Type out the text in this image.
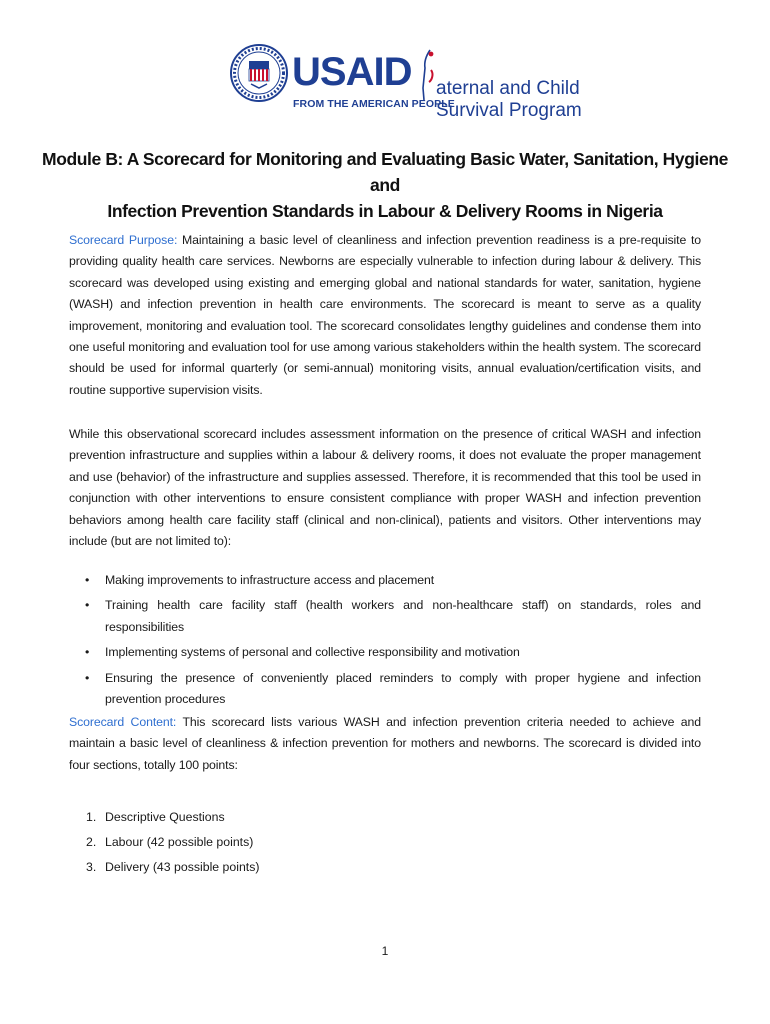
USAID
FROM THE AMERICAN PEOPLE
aternal and Child
Survival Program
Module B: A Scorecard for Monitoring and Evaluating Basic Water, Sanitation, Hygiene and
Infection Prevention Standards in Labour & Delivery Rooms in Nigeria
Scorecard Purpose: Maintaining a basic level of cleanliness and infection prevention readiness is a pre-requisite to providing quality health care services. Newborns are especially vulnerable to infection during labour & delivery. This scorecard was developed using existing and emerging global and national standards for water, sanitation, hygiene (WASH) and infection prevention in health care environments. The scorecard is meant to serve as a quality improvement, monitoring and evaluation tool. The scorecard consolidates lengthy guidelines and condense them into one useful monitoring and evaluation tool for use among various stakeholders within the health system. The scorecard should be used for informal quarterly (or semi-annual) monitoring visits, annual evaluation/certification visits, and routine supportive supervision visits.
While this observational scorecard includes assessment information on the presence of critical WASH and infection prevention infrastructure and supplies within a labour & delivery rooms, it does not evaluate the proper management and use (behavior) of the infrastructure and supplies assessed. Therefore, it is recommended that this tool be used in conjunction with other interventions to ensure consistent compliance with proper WASH and infection prevention behaviors among health care facility staff (clinical and non-clinical), patients and visitors. Other interventions may include (but are not limited to):
• Making improvements to infrastructure access and placement
• Training health care facility staff (health workers and non-healthcare staff) on standards, roles and responsibilities
• Implementing systems of personal and collective responsibility and motivation
• Ensuring the presence of conveniently placed reminders to comply with proper hygiene and infection prevention procedures
Scorecard Content: This scorecard lists various WASH and infection prevention criteria needed to achieve and maintain a basic level of cleanliness & infection prevention for mothers and newborns. The scorecard is divided into four sections, totally 100 points:
1. Descriptive Questions
2. Labour (42 possible points)
3. Delivery (43 possible points)
1
